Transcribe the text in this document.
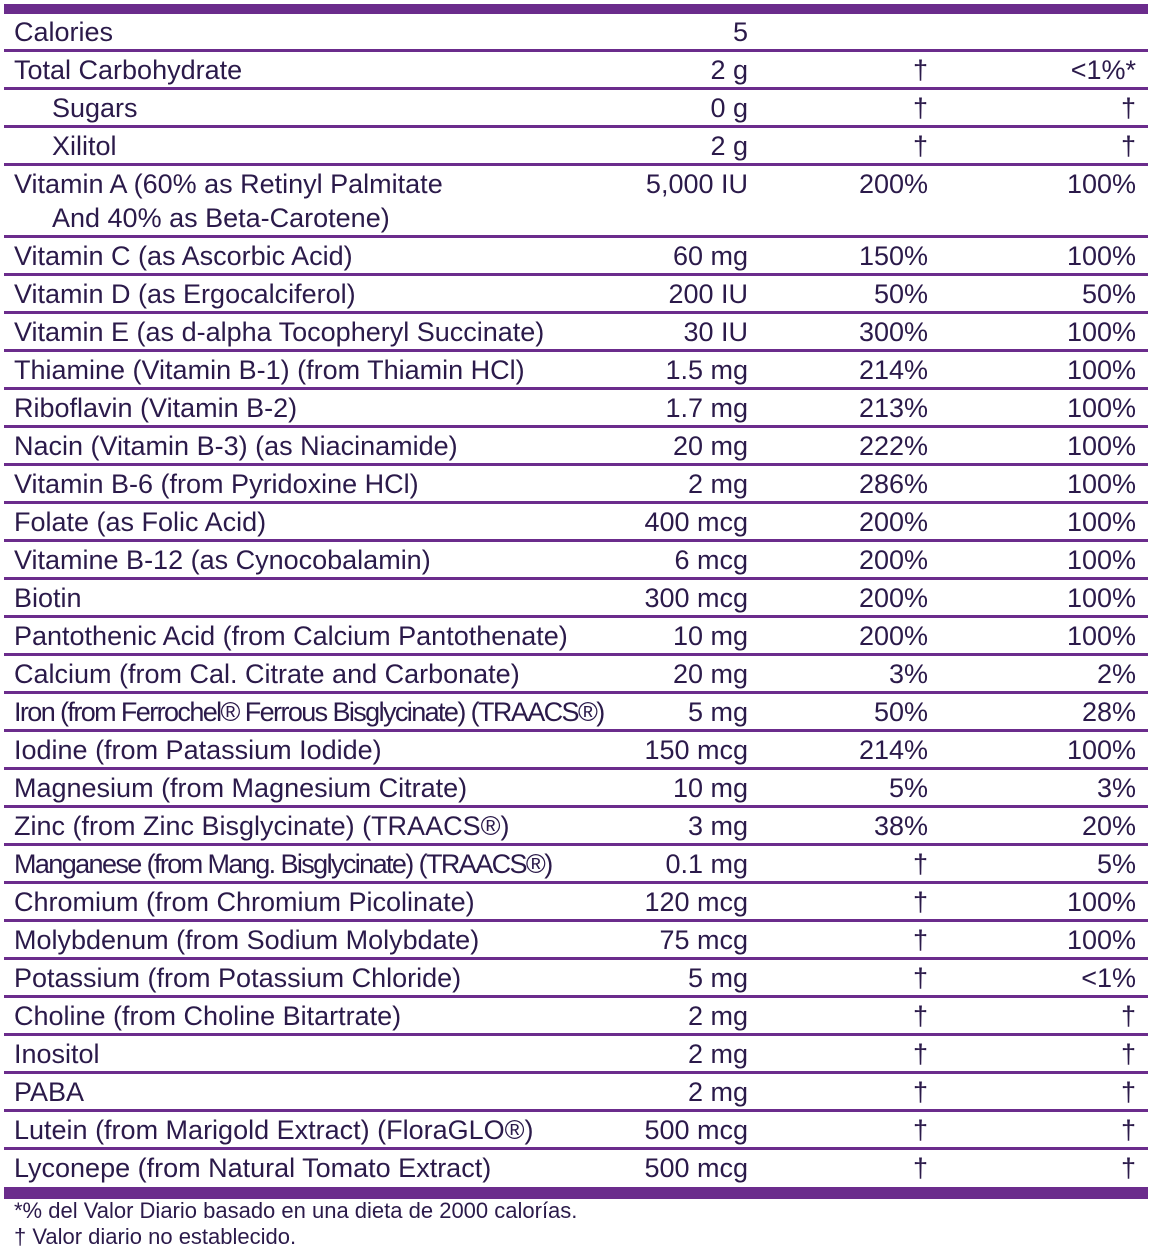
Calories	5		
Total Carbohydrate	2 g	†	<1%*
Sugars	0 g	†	†
Xilitol	2 g	†	†
Vitamin A (60% as Retinyl Palmitate
And 40% as Beta-Carotene)	5,000 IU	200%	100%
Vitamin C (as Ascorbic Acid)	60 mg	150%	100%
Vitamin D (as Ergocalciferol)	200 IU	50%	50%
Vitamin E (as d-alpha Tocopheryl Succinate)	30 IU	300%	100%
Thiamine (Vitamin B-1) (from Thiamin HCl)	1.5 mg	214%	100%
Riboflavin (Vitamin B-2)	1.7 mg	213%	100%
Nacin (Vitamin B-3) (as Niacinamide)	20 mg	222%	100%
Vitamin B-6 (from Pyridoxine HCl)	2 mg	286%	100%
Folate (as Folic Acid)	400 mcg	200%	100%
Vitamine B-12 (as Cynocobalamin)	6 mcg	200%	100%
Biotin	300 mcg	200%	100%
Pantothenic Acid (from Calcium Pantothenate)	10 mg	200%	100%
Calcium (from Cal. Citrate and Carbonate)	20 mg	3%	2%
Iron (from Ferrochel® Ferrous Bisglycinate) (TRAACS®)	5 mg	50%	28%
Iodine (from Patassium Iodide)	150 mcg	214%	100%
Magnesium (from Magnesium Citrate)	10 mg	5%	3%
Zinc (from Zinc Bisglycinate) (TRAACS®)	3 mg	38%	20%
Manganese (from Mang. Bisglycinate) (TRAACS®)	0.1 mg	†	5%
Chromium (from Chromium Picolinate)	120 mcg	†	100%
Molybdenum (from Sodium Molybdate)	75 mcg	†	100%
Potassium (from Potassium Chloride)	5 mg	†	<1%
Choline (from Choline Bitartrate)	2 mg	†	†
Inositol	2 mg	†	†
PABA	2 mg	†	†
Lutein (from Marigold Extract) (FloraGLO®)	500 mcg	†	†
Lyconepe (from Natural Tomato Extract)	500 mcg	†	†
*% del Valor Diario basado en una dieta de 2000 calorías.
† Valor diario no establecido.
